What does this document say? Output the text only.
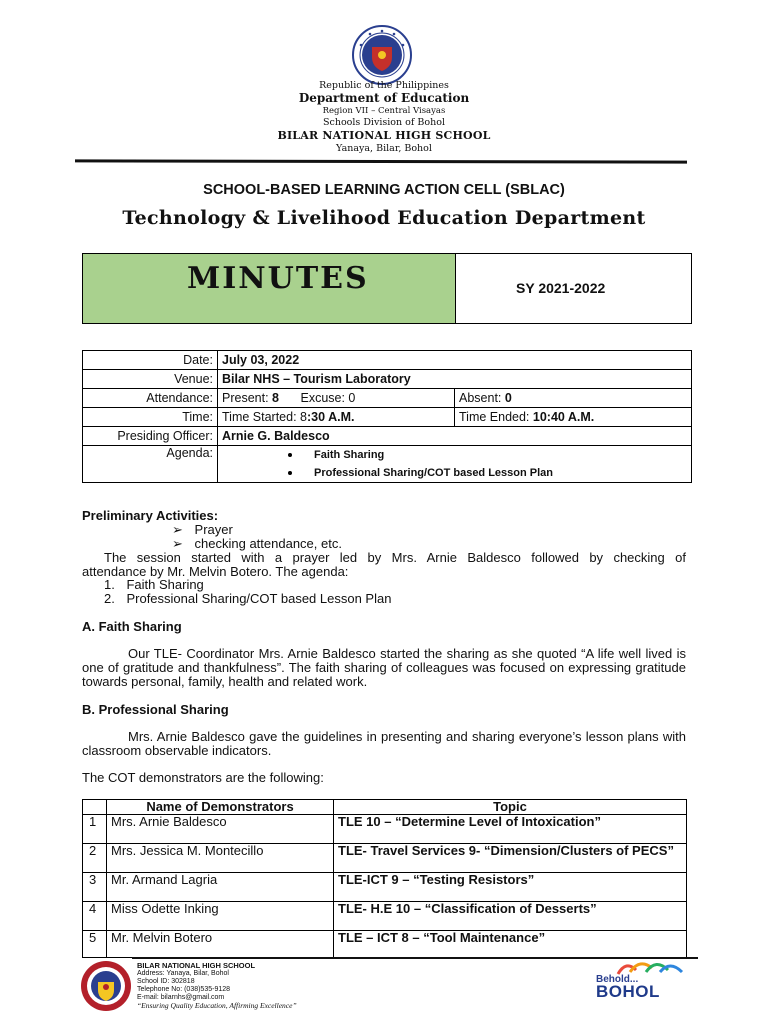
Republic of the Philippines
Department of Education
Region VII – Central Visayas
Schools Division of Bohol
BILAR NATIONAL HIGH SCHOOL
Yanaya, Bilar, Bohol
SCHOOL-BASED LEARNING ACTION CELL (SBLAC)
Technology & Livelihood Education Department
MINUTES	SY 2021-2022
Date:	July 03, 2022	
Venue:	Bilar NHS – Tourism Laboratory	
Attendance:	Present: 8 Excuse: 0	Absent: 0
Time:	Time Started: 8:30 A.M.	Time Ended: 10:40 A.M.
Presiding Officer:	Arnie G. Baldesco	
Agenda:	Faith Sharing
Professional Sharing/COT based Lesson Plan	
Preliminary Activities:
➢ Prayer
➢ checking attendance, etc.
The session started with a prayer led by Mrs. Arnie Baldesco followed by checking of
attendance by Mr. Melvin Botero. The agenda:
1. Faith Sharing
2. Professional Sharing/COT based Lesson Plan
A. Faith Sharing
Our TLE- Coordinator Mrs. Arnie Baldesco started the sharing as she quoted “A life well lived is one of gratitude and thankfulness”. The faith sharing of colleagues was focused on expressing gratitude towards personal, family, health and related work.
B. Professional Sharing
Mrs. Arnie Baldesco gave the guidelines in presenting and sharing everyone’s lesson plans with classroom observable indicators.
The COT demonstrators are the following:
	Name of Demonstrators	Topic
1	Mrs. Arnie Baldesco	TLE 10 – “Determine Level of Intoxication”
2	Mrs. Jessica M. Montecillo	TLE- Travel Services 9- “Dimension/Clusters of PECS”
3	Mr. Armand Lagria	TLE-ICT 9 – “Testing Resistors”
4	Miss Odette Inking	TLE- H.E 10 – “Classification of Desserts”
5	Mr. Melvin Botero	TLE – ICT 8 – “Tool Maintenance”
BILAR NATIONAL HIGH SCHOOL
Address: Yanaya, Bilar, Bohol
School ID: 302818
Telephone No: (038)535-9128
E-mail: bilarnhs@gmail.com
“Ensuring Quality Education, Affirming Excellence”
Behold...
BOHOL
